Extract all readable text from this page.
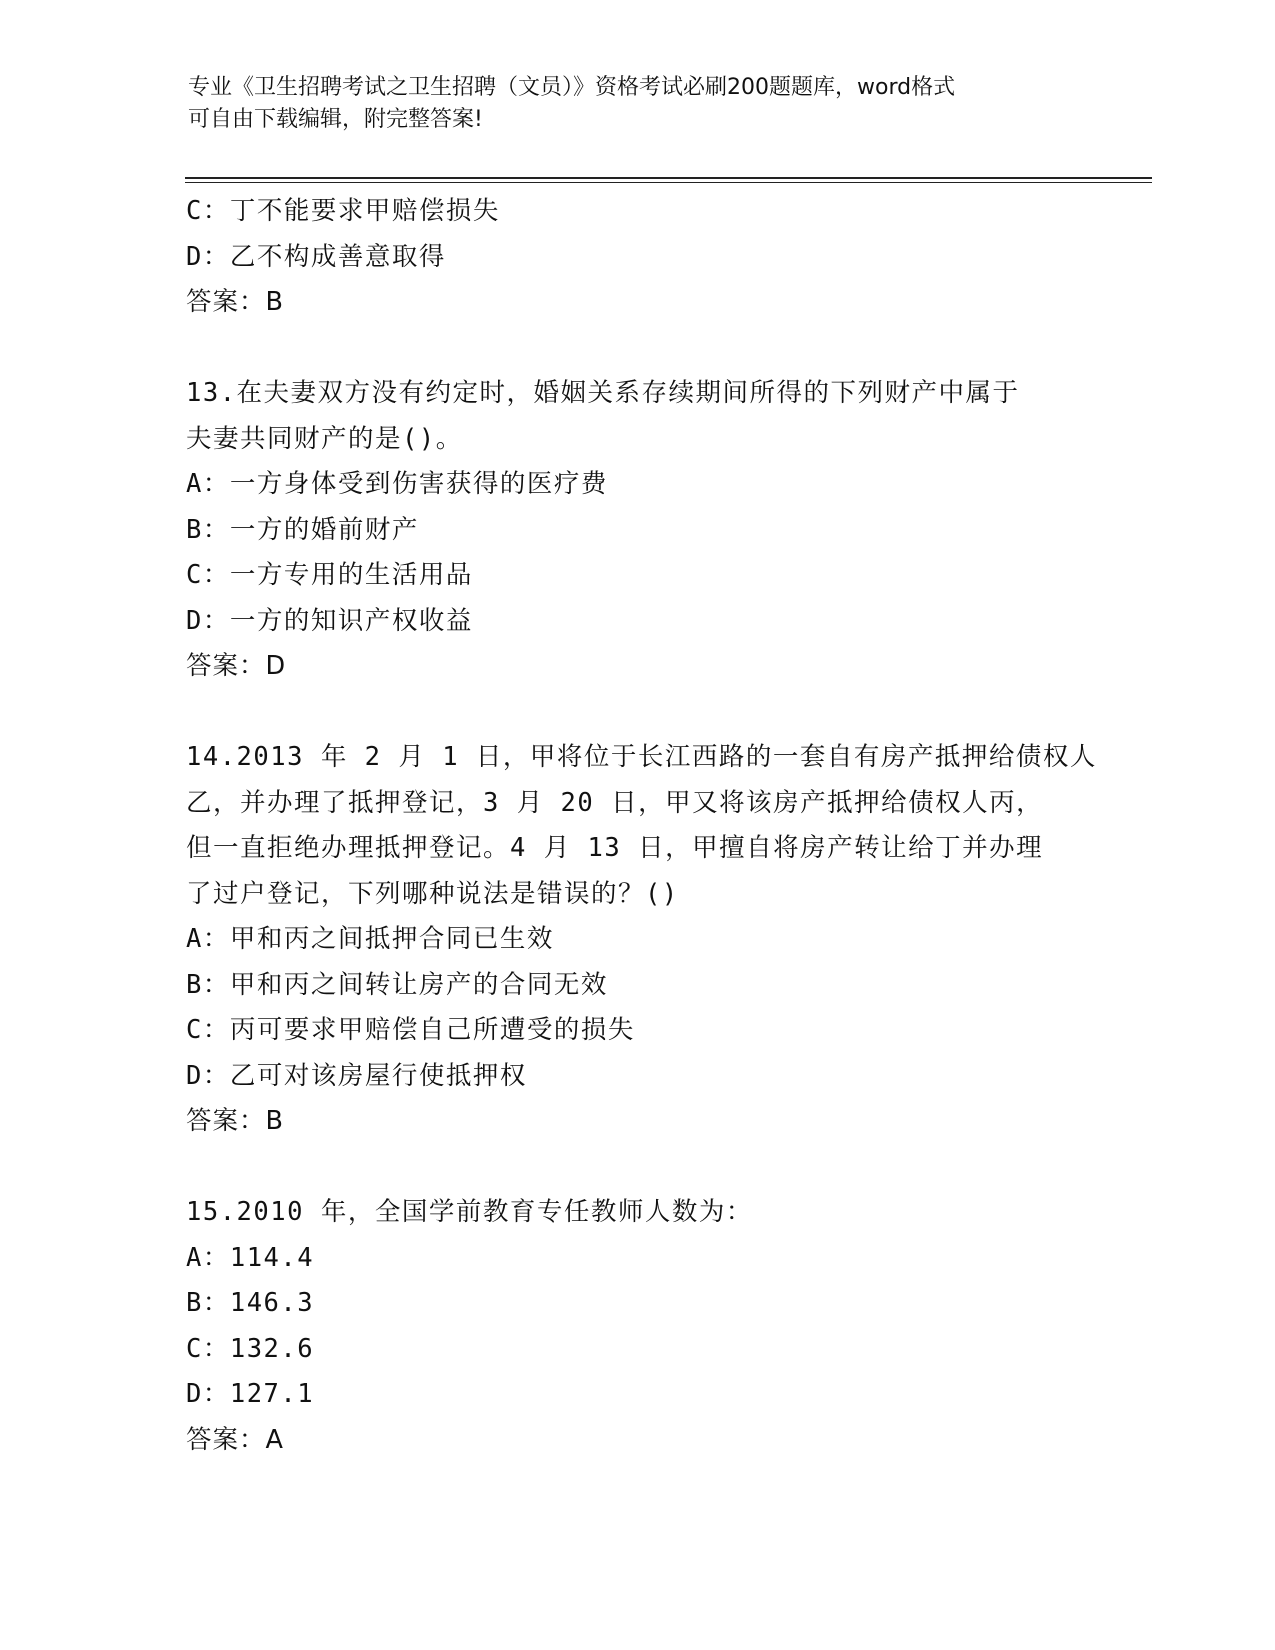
专业《卫生招聘考试之卫生招聘（文员）》资格考试必刷200题题库，word格式
可自由下载编辑，附完整答案!
C：丁不能要求甲赔偿损失
D：乙不构成善意取得
答案：B
13.在夫妻双方没有约定时，婚姻关系存续期间所得的下列财产中属于
夫妻共同财产的是()。
A：一方身体受到伤害获得的医疗费
B：一方的婚前财产
C：一方专用的生活用品
D：一方的知识产权收益
答案：D
14.2013 年 2 月 1 日，甲将位于长江西路的一套自有房产抵押给债权人
乙，并办理了抵押登记，3 月 20 日，甲又将该房产抵押给债权人丙，
但一直拒绝办理抵押登记。4 月 13 日，甲擅自将房产转让给丁并办理
了过户登记，下列哪种说法是错误的？()
A：甲和丙之间抵押合同已生效
B：甲和丙之间转让房产的合同无效
C：丙可要求甲赔偿自己所遭受的损失
D：乙可对该房屋行使抵押权
答案：B
15.2010 年，全国学前教育专任教师人数为：
A：114.4
B：146.3
C：132.6
D：127.1
答案：A
